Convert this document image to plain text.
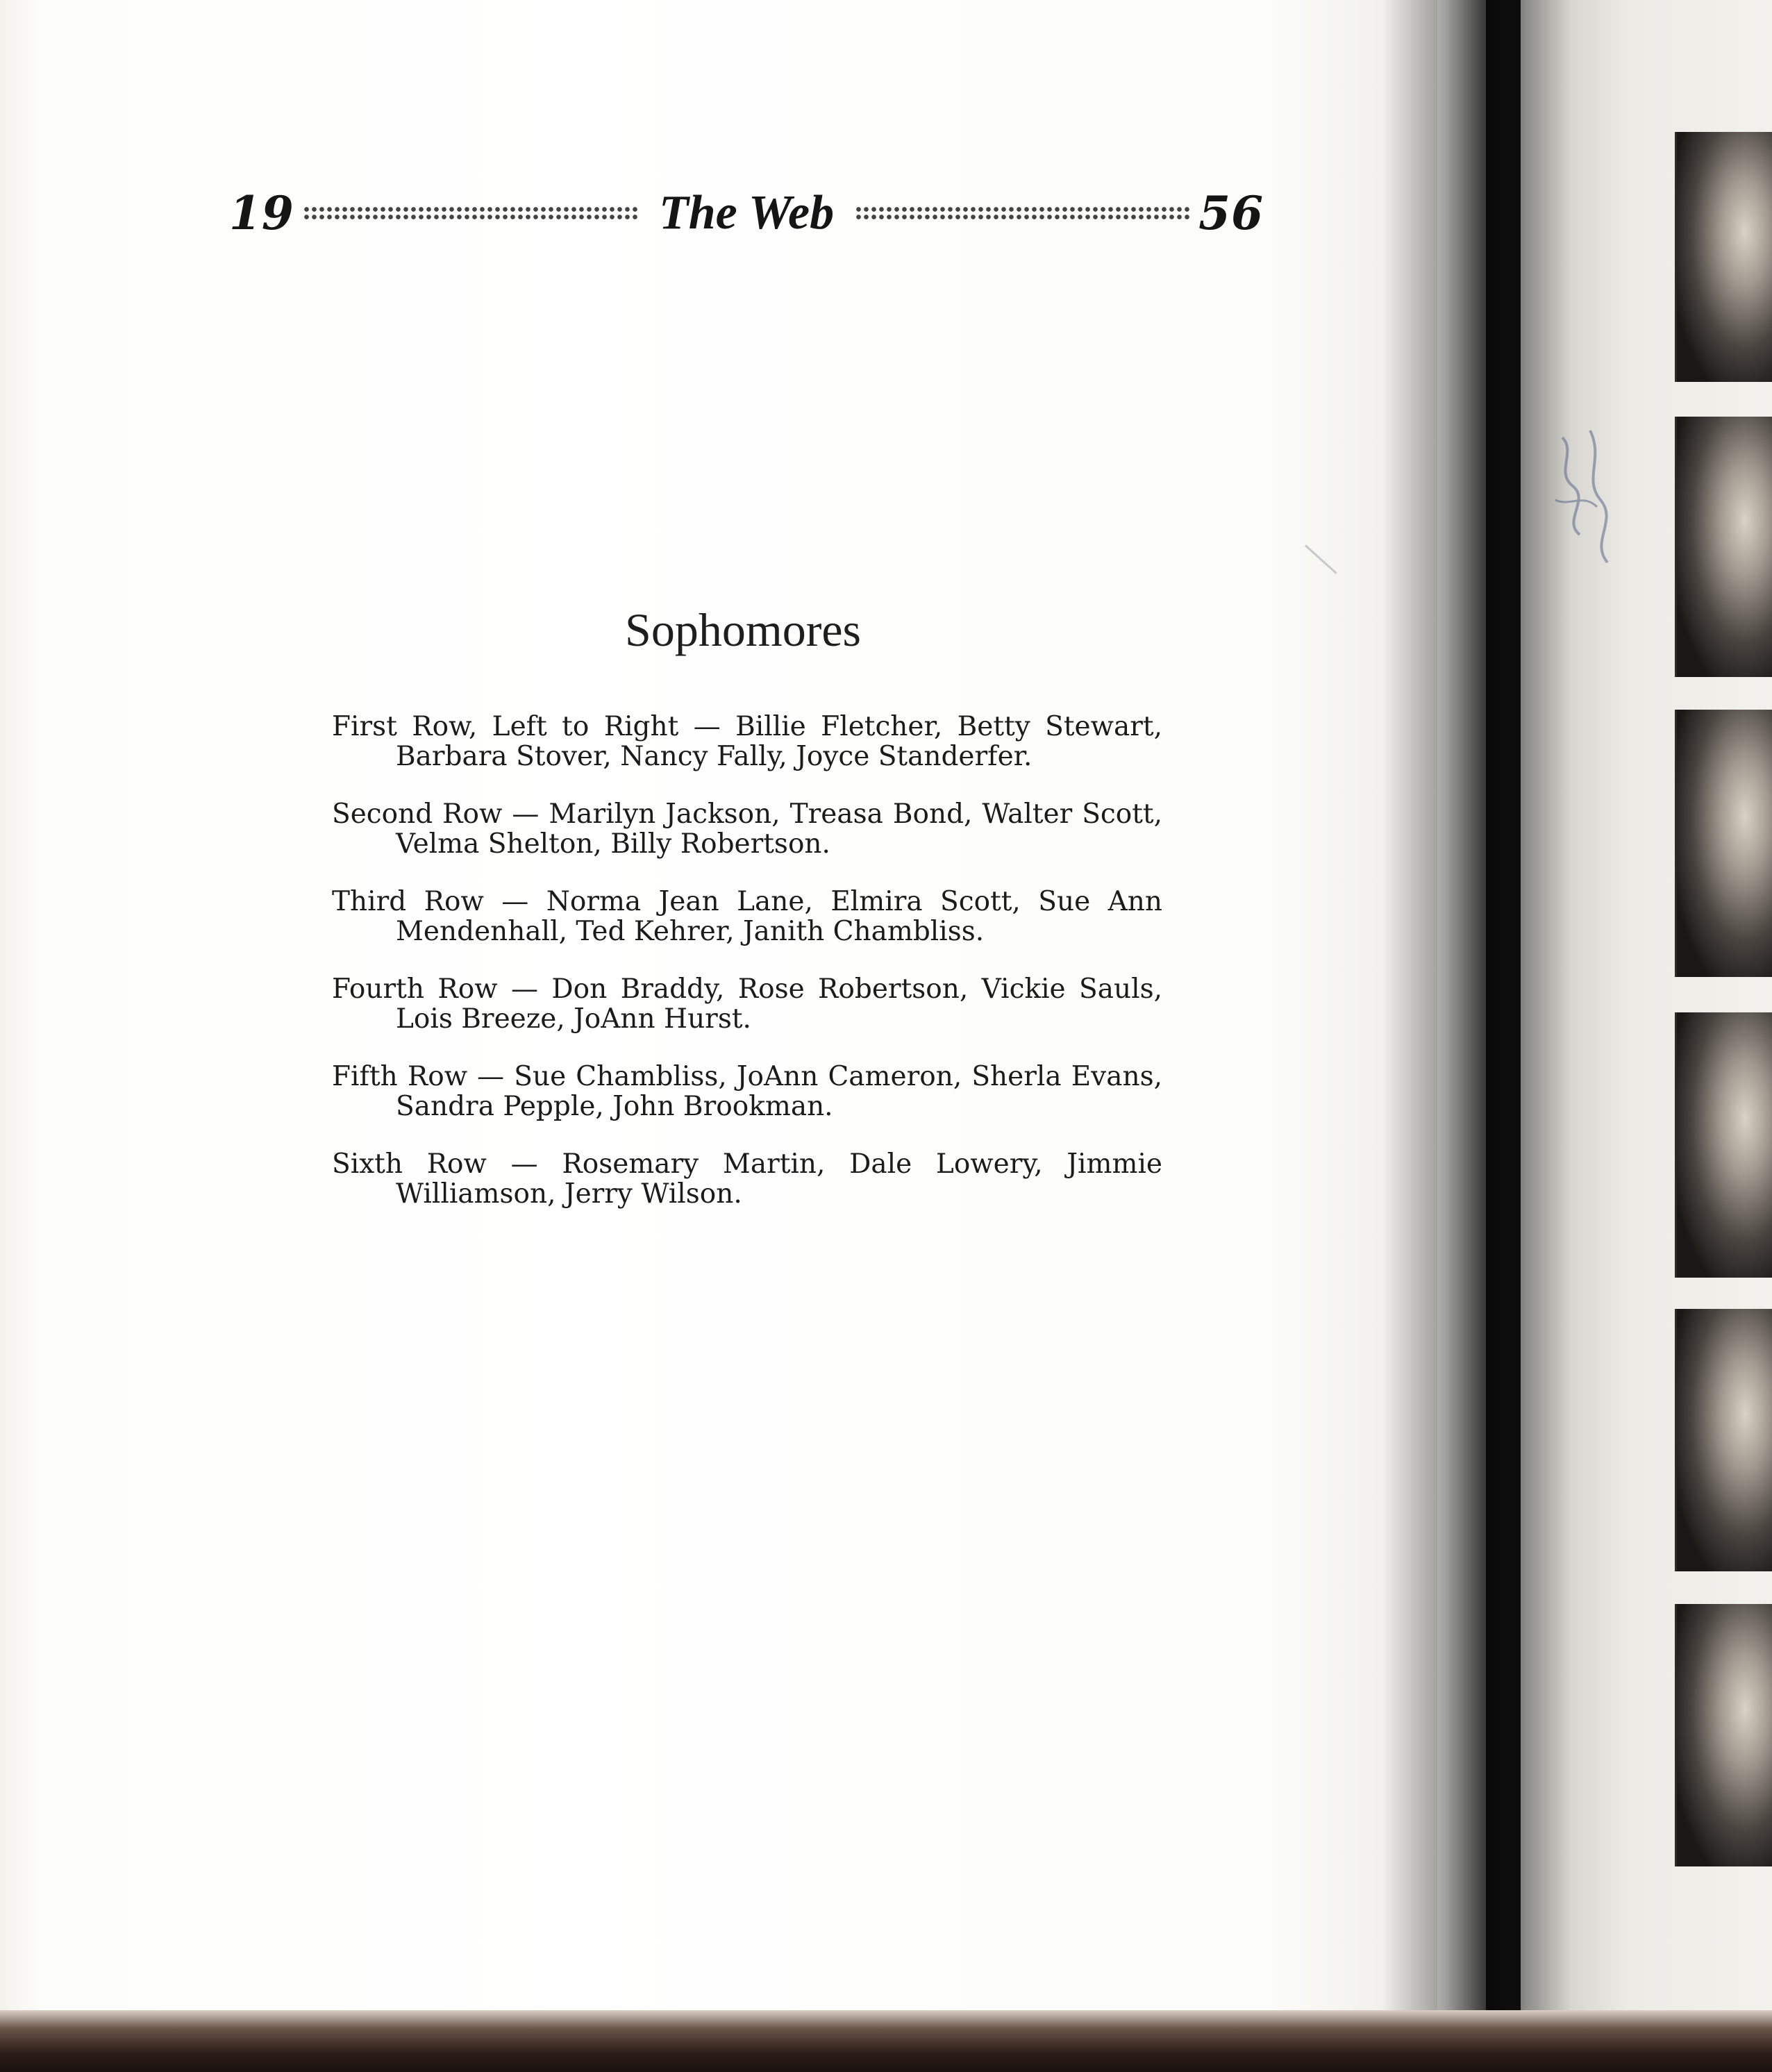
19	The Web	56
Sophomores

First Row, Left to Right — Billie Fletcher, Betty Stewart, Barbara Stover, Nancy Fally, Joyce Standerfer.

Second Row — Marilyn Jackson, Treasa Bond, Walter Scott, Velma Shelton, Billy Robertson.

Third Row — Norma Jean Lane, Elmira Scott, Sue Ann Mendenhall, Ted Kehrer, Janith Chambliss.

Fourth Row — Don Braddy, Rose Robertson, Vickie Sauls, Lois Breeze, JoAnn Hurst.

Fifth Row — Sue Chambliss, JoAnn Cameron, Sherla Evans, Sandra Pepple, John Brookman.

Sixth Row — Rosemary Martin, Dale Lowery, Jimmie Williamson, Jerry Wilson.
